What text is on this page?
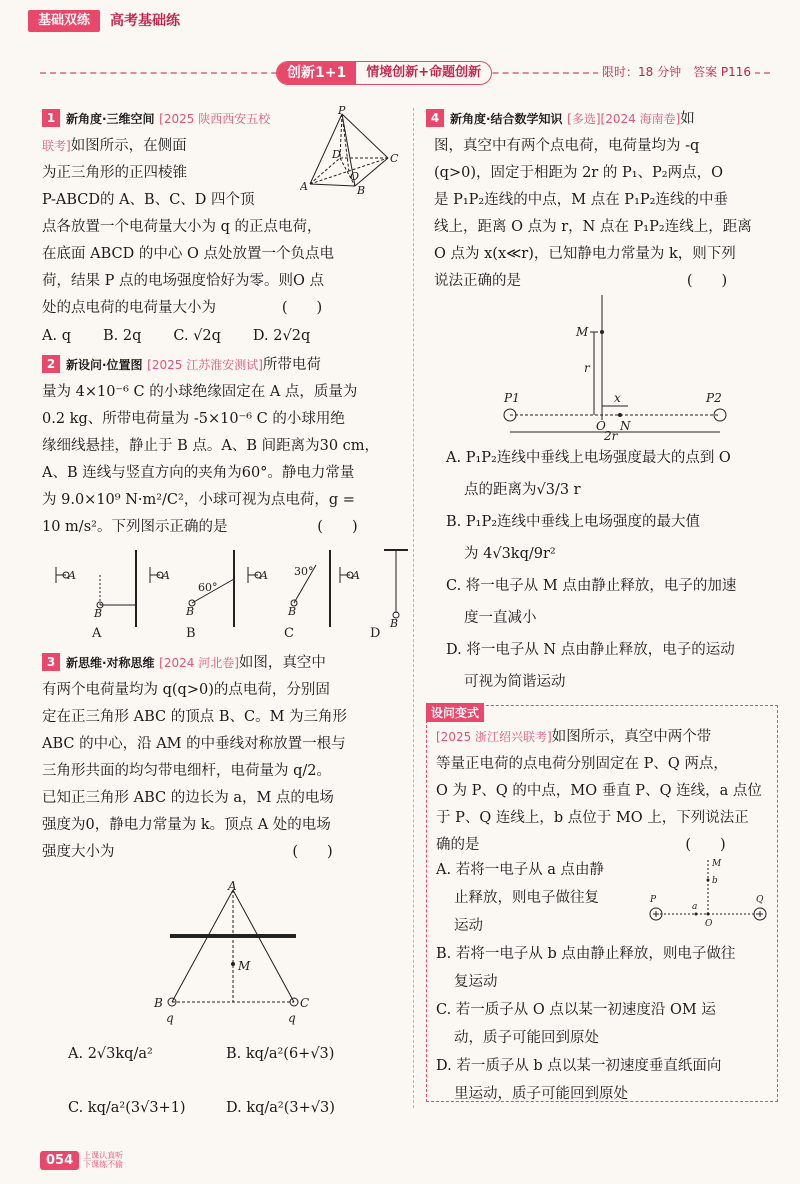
基础双练	高考基础练
创新1+1	情境创新+命题创新	限时：18 分钟　答案 P116
1 新角度·三维空间 [2025 陕西西安五校联考]如图所示，在侧面
为正三角形的正四棱锥
P-ABCD的 A、B、C、D 四个顶
点各放置一个电荷量大小为 q 的正点电荷，
在底面 ABCD 的中心 O 点处放置一个负点电
荷，结果 P 点的电场强度恰好为零。则O 点
处的点电荷的电荷量大小为	(　　)
A. q B. 2q C. √2q D. 2√2q
P
D	C
O
A	B
2 新设问·位置图 [2025 江苏淮安测试]所带电荷
量为 4×10⁻⁶ C 的小球绝缘固定在 A 点，质量为
0.2 kg、所带电荷量为 -5×10⁻⁶ C 的小球用绝
缘细线悬挂，静止于 B 点。A、B 间距离为30 cm，
A、B 连线与竖直方向的夹角为60°。静电力常量
为 9.0×10⁹ N·m²/C²，小球可视为点电荷，g =
10 m/s²。下列图示正确的是	(　　)
A
B
A
B
60°
A
B
30°	A
B
A	B	C	D
3 新思维·对称思维 [2024 河北卷]如图，真空中
有两个电荷量均为 q(q>0)的点电荷，分别固
定在正三角形 ABC 的顶点 B、C。M 为三角形
ABC 的中心，沿 AM 的中垂线对称放置一根与
三角形共面的均匀带电细杆，电荷量为 q/2。
已知正三角形 ABC 的边长为 a，M 点的电场
强度为0，静电力常量为 k。顶点 A 处的电场
强度大小为	(　　)
A
M
B	C
q	q
A. 2√3kq/a²	B. kq/a²(6+√3)
C. kq/a²(3√3+1)	D. kq/a²(3+√3)
4 新角度·结合数学知识 [多选][2024 海南卷]如
图，真空中有两个点电荷，电荷量均为 -q
(q>0)，固定于相距为 2r 的 P₁、P₂两点，O
是 P₁P₂连线的中点，M 点在 P₁P₂连线的中垂
线上，距离 O 点为 r，N 点在 P₁P₂连线上，距离
O 点为 x(x≪r)，已知静电力常量为 k，则下列
说法正确的是	(　　)
M
r
P1	P2
x
O N
2r
A. P₁P₂连线中垂线上电场强度最大的点到 O
点的距离为√3/3 r
B. P₁P₂连线中垂线上电场强度的最大值
为 4√3kq/9r²
C. 将一电子从 M 点由静止释放，电子的加速
度一直减小
D. 将一电子从 N 点由静止释放，电子的运动
可视为简谐运动
设问变式
[2025 浙江绍兴联考]如图所示，真空中两个带
等量正电荷的点电荷分别固定在 P、Q 两点，
O 为 P、Q 的中点，MO 垂直 P、Q 连线，a 点位
于 P、Q 连线上，b 点位于 MO 上，下列说法正
确的是	(　　)
A. 若将一电子从 a 点由静
止释放，则电子做往复
运动
B. 若将一电子从 b 点由静止释放，则电子做往
复运动
C. 若一质子从 O 点以某一初速度沿 OM 运
动，质子可能回到原处
D. 若一质子从 b 点以某一初速度垂直纸面向
里运动，质子可能回到原处
M
b
P
a
Q
O
054	上课认真听
下课练不偷
